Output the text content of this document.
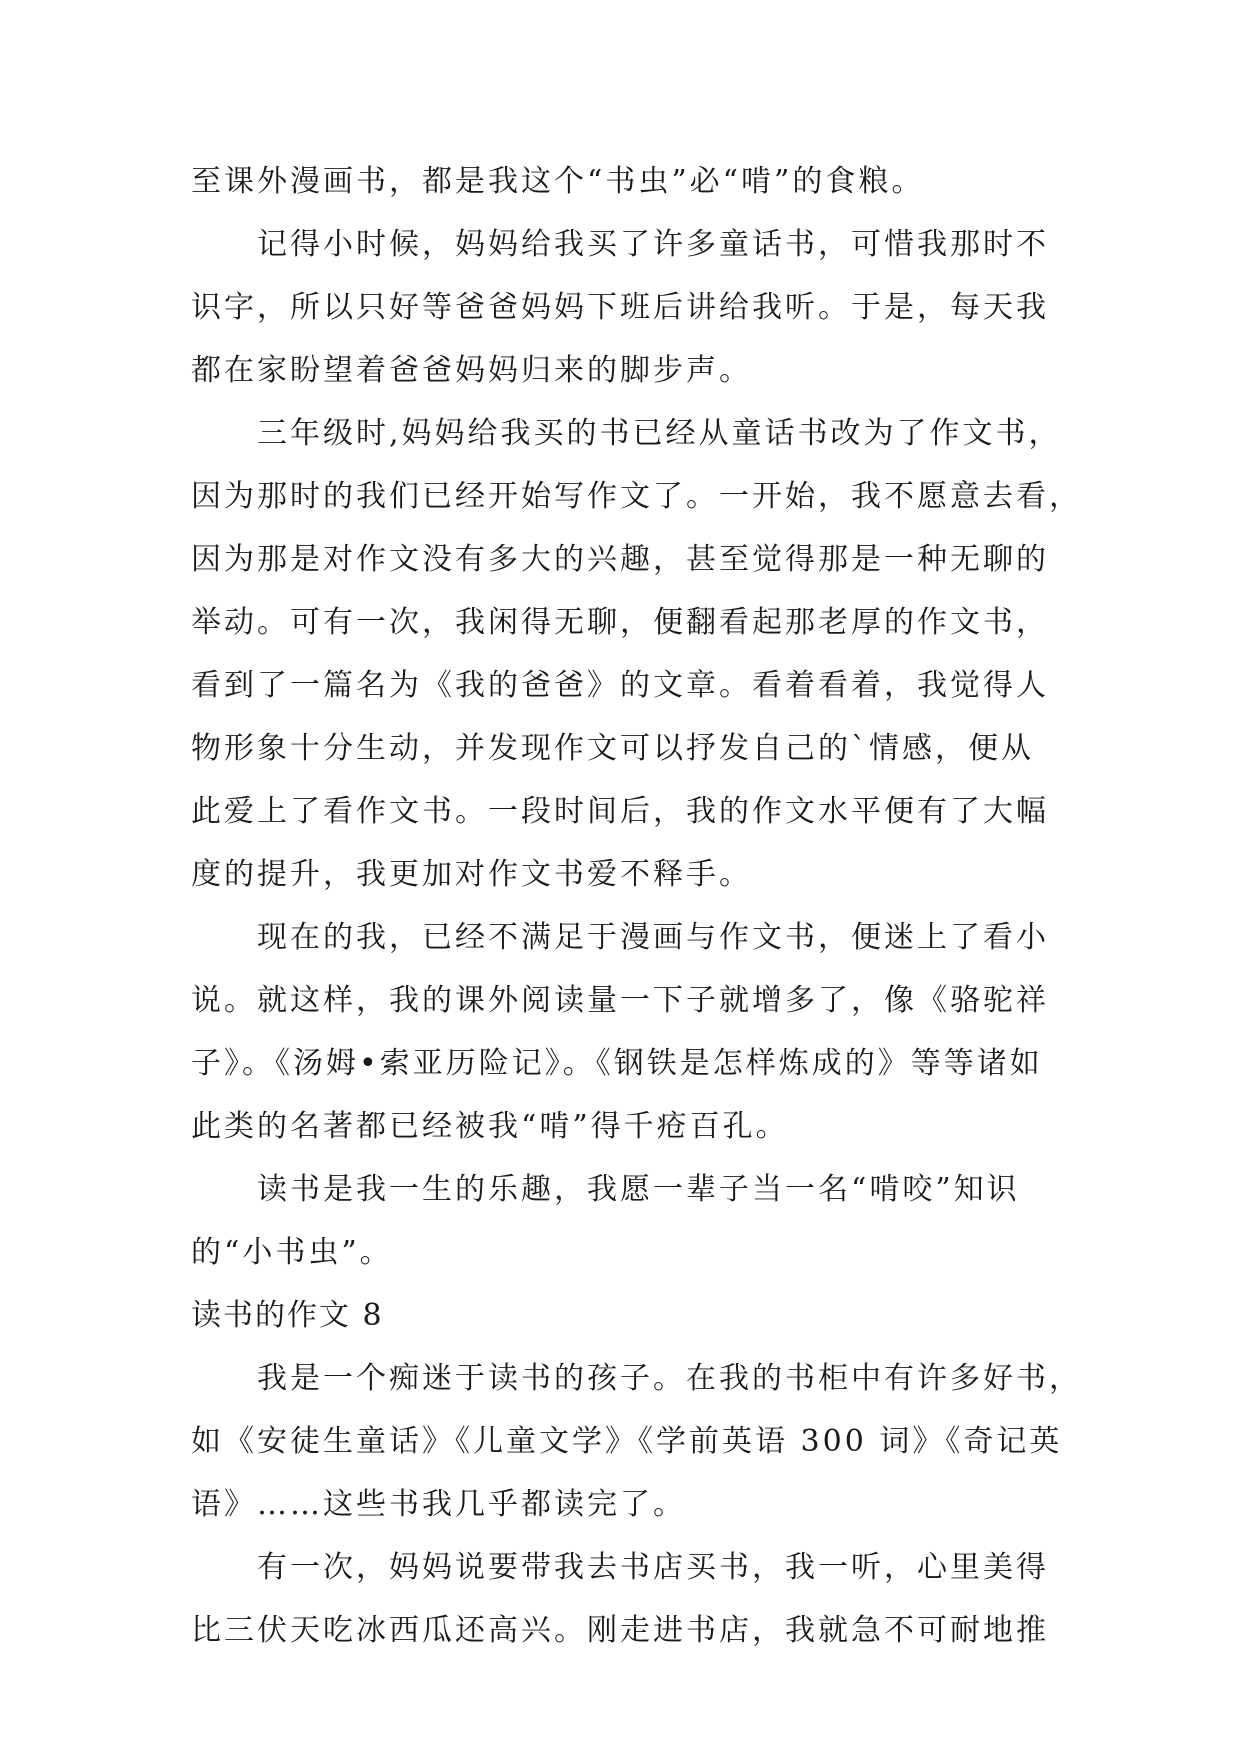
至课外漫画书，都是我这个“书虫”必“啃”的食粮。
记得小时候，妈妈给我买了许多童话书，可惜我那时不
识字，所以只好等爸爸妈妈下班后讲给我听。于是，每天我
都在家盼望着爸爸妈妈归来的脚步声。
三年级时,妈妈给我买的书已经从童话书改为了作文书，
因为那时的我们已经开始写作文了。一开始，我不愿意去看，
因为那是对作文没有多大的兴趣，甚至觉得那是一种无聊的
举动。可有一次，我闲得无聊，便翻看起那老厚的作文书，
看到了一篇名为《我的爸爸》的文章。看着看着，我觉得人
物形象十分生动，并发现作文可以抒发自己的`情感，便从
此爱上了看作文书。一段时间后，我的作文水平便有了大幅
度的提升，我更加对作文书爱不释手。
现在的我，已经不满足于漫画与作文书，便迷上了看小
说。就这样，我的课外阅读量一下子就增多了，像《骆驼祥
子》。《汤姆•索亚历险记》。《钢铁是怎样炼成的》等等诸如
此类的名著都已经被我“啃”得千疮百孔。
读书是我一生的乐趣，我愿一辈子当一名“啃咬”知识
的“小书虫”。
读书的作文 8
我是一个痴迷于读书的孩子。在我的书柜中有许多好书，
如《安徒生童话》《儿童文学》《学前英语 300 词》《奇记英
语》……这些书我几乎都读完了。
有一次，妈妈说要带我去书店买书，我一听，心里美得
比三伏天吃冰西瓜还高兴。刚走进书店，我就急不可耐地推
